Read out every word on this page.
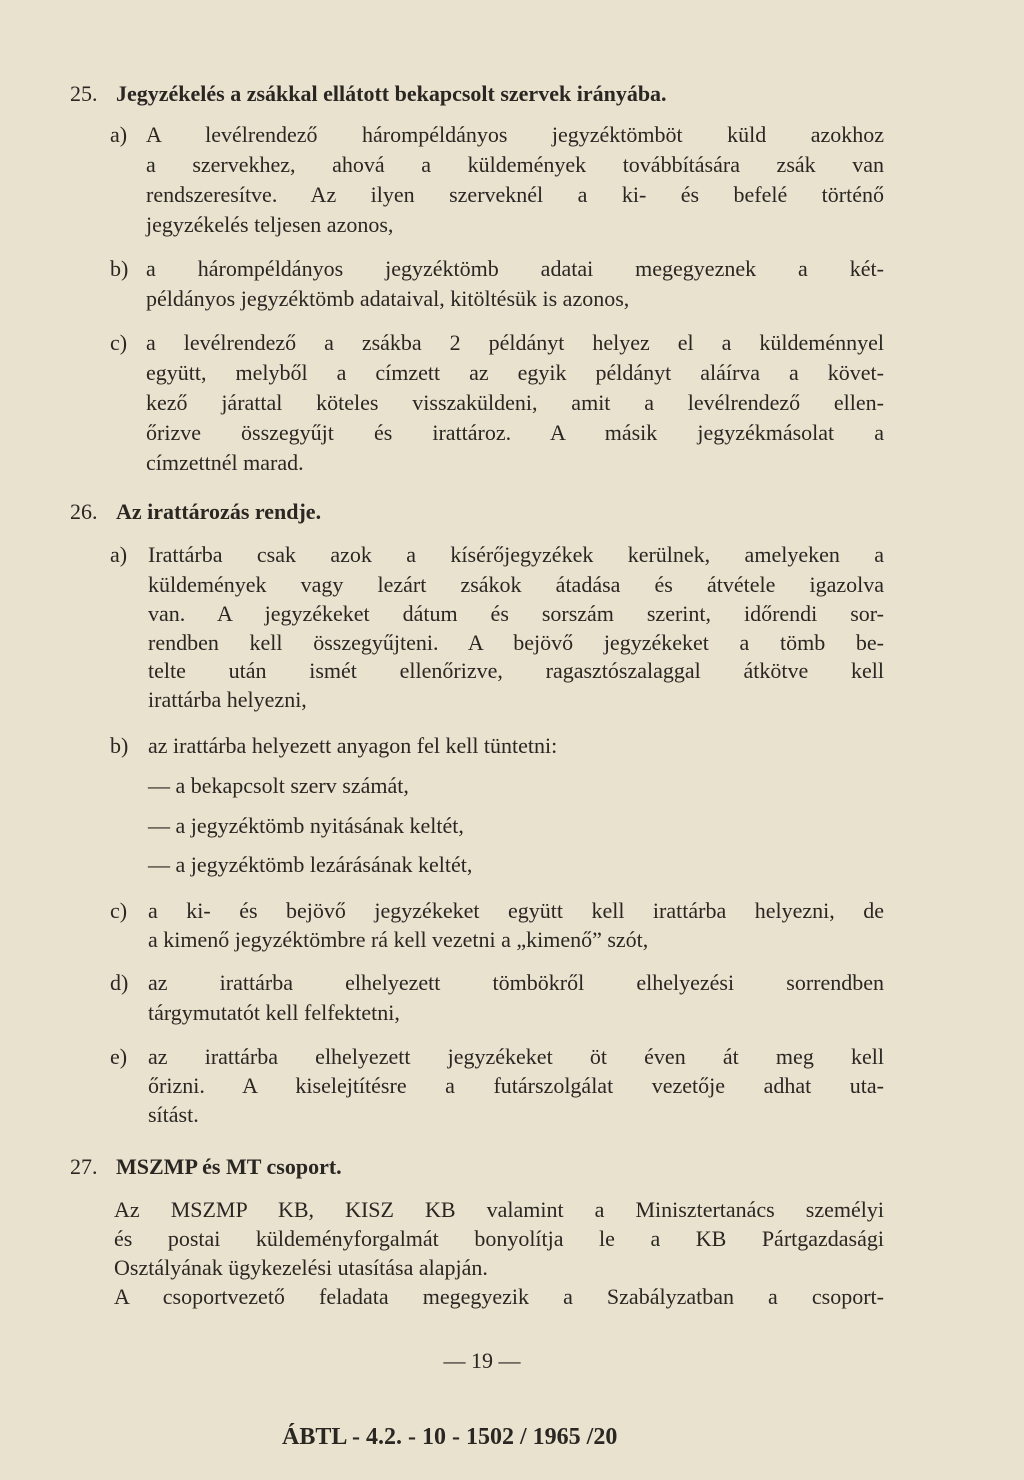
25. Jegyzékelés a zsákkal ellátott bekapcsolt szervek irányába.
a) A levélrendező hárompéldányos jegyzéktömböt küld azokhoz
a szervekhez, ahová a küldemények továbbítására zsák van
rendszeresítve. Az ilyen szerveknél a ki- és befelé történő
jegyzékelés teljesen azonos,
b) a hárompéldányos jegyzéktömb adatai megegyeznek a két-
példányos jegyzéktömb adataival, kitöltésük is azonos,
c) a levélrendező a zsákba 2 példányt helyez el a küldeménnyel
együtt, melyből a címzett az egyik példányt aláírva a követ-
kező járattal köteles visszaküldeni, amit a levélrendező ellen-
őrizve összegyűjt és irattároz. A másik jegyzékmásolat a
címzettnél marad.
26. Az irattározás rendje.
a) Irattárba csak azok a kísérőjegyzékek kerülnek, amelyeken a
küldemények vagy lezárt zsákok átadása és átvétele igazolva
van. A jegyzékeket dátum és sorszám szerint, időrendi sor-
rendben kell összegyűjteni. A bejövő jegyzékeket a tömb be-
telte után ismét ellenőrizve, ragasztószalaggal átkötve kell
irattárba helyezni,
b) az irattárba helyezett anyagon fel kell tüntetni:
— a bekapcsolt szerv számát,
— a jegyzéktömb nyitásának keltét,
— a jegyzéktömb lezárásának keltét,
c) a ki- és bejövő jegyzékeket együtt kell irattárba helyezni, de
a kimenő jegyzéktömbre rá kell vezetni a „kimenő” szót,
d) az irattárba elhelyezett tömbökről elhelyezési sorrendben
tárgymutatót kell felfektetni,
e) az irattárba elhelyezett jegyzékeket öt éven át meg kell
őrizni. A kiselejtítésre a futárszolgálat vezetője adhat uta-
sítást.
27. MSZMP és MT csoport.
Az MSZMP KB, KISZ KB valamint a Minisztertanács személyi
és postai küldeményforgalmát bonyolítja le a KB Pártgazdasági
Osztályának ügykezelési utasítása alapján.
A csoportvezető feladata megegyezik a Szabályzatban a csoport-
— 19 —
ÁBTL - 4.2. - 10 - 1502 / 1965 /20
